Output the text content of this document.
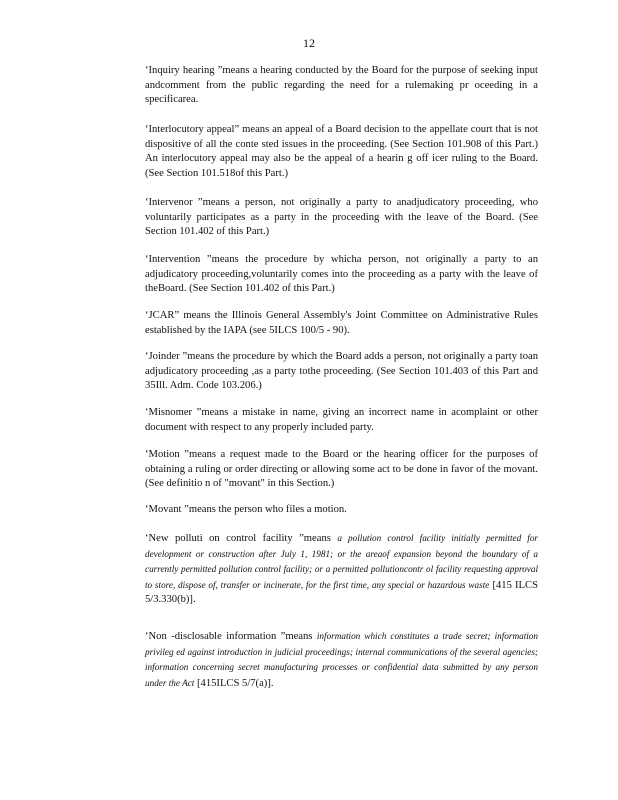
12

‘Inquiry hearing ”means a hearing conducted by the Board for the purpose of seeking input andcomment from the public regarding the need for a rulemaking pr oceeding in a specificarea.

‘Interlocutory appeal” means an appeal of a Board decision to the appellate court that is not dispositive of all the conte sted issues in the proceeding. (See Section 101.908 of this Part.) An interlocutory appeal may also be the appeal of a hearin g off icer ruling to the Board. (See Section 101.518of this Part.)

‘Intervenor ”means a person, not originally a party to anadjudicatory proceeding, who voluntarily participates as a party in the proceeding with the leave of the Board. (See Section 101.402 of this Part.)

‘Intervention ”means the procedure by whicha person, not originally a party to an adjudicatory proceeding,voluntarily comes into the proceeding as a party with the leave of theBoard. (See Section 101.402 of this Part.)

‘JCAR” means the Illinois General Assembly's Joint Committee on Administrative Rules established by the IAPA (see 5ILCS 100/5 - 90).

‘Joinder ”means the procedure by which the Board adds a person, not originally a party toan adjudicatory proceeding ,as a party tothe proceeding. (See Section 101.403 of this Part and 35Ill. Adm. Code 103.206.)

‘Misnomer ”means a mistake in name, giving an incorrect name in acomplaint or other document with respect to any properly included party.

‘Motion ”means a request made to the Board or the hearing officer for the purposes of obtaining a ruling or order directing or allowing some act to be done in favor of the movant. (See definitio n of "movant" in this Section.)

‘Movant ”means the person who files a motion.

‘New polluti on control facility ”means a pollution control facility initially permitted for development or construction after July 1, 1981; or the areaof expansion beyond the boundary of a currently permitted pollution control facility; or a permitted pollutioncontr ol facility requesting approval to store, dispose of, transfer or incinerate, for the first time, any special or hazardous waste [415 ILCS 5/3.330(b)].

‘Non -disclosable information ”means information which constitutes a trade secret; information privileg ed against introduction in judicial proceedings; internal communications of the several agencies; information concerning secret manufacturing processes or confidential data submitted by any person under the Act [415ILCS 5/7(a)].
